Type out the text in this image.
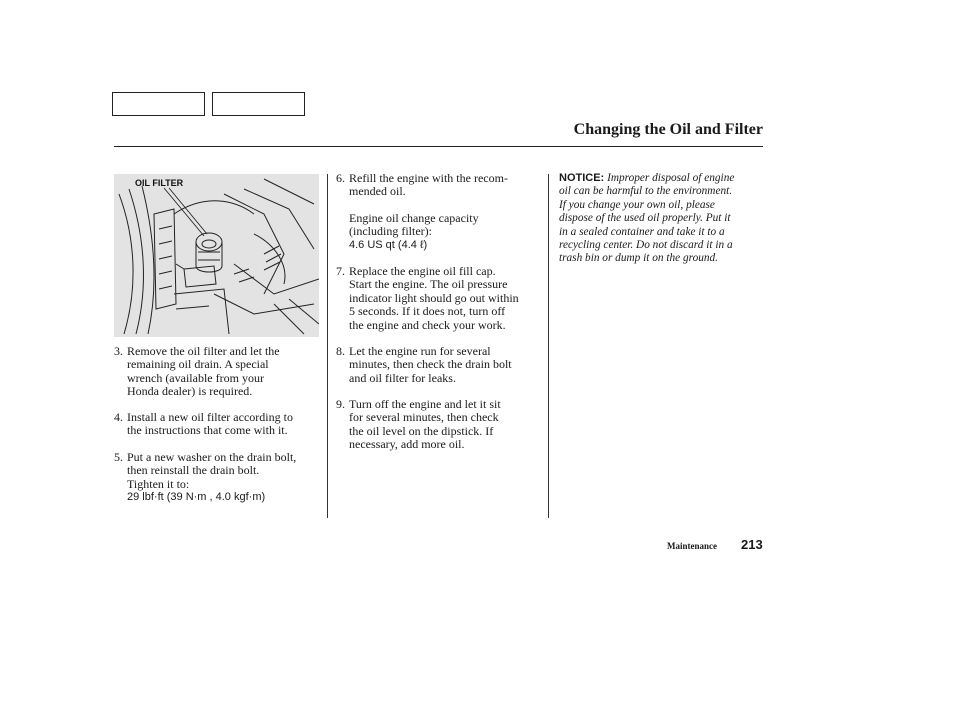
Changing the Oil and Filter
OIL FILTER
3. Remove the oil filter and let the
remaining oil drain. A special
wrench (available from your
Honda dealer) is required.
4. Install a new oil filter according to
the instructions that come with it.
5. Put a new washer on the drain bolt,
then reinstall the drain bolt.
Tighten it to:
29 lbf·ft (39 N·m , 4.0 kgf·m)
6. Refill the engine with the recom-
mended oil.
Engine oil change capacity
(including filter):
4.6 US qt (4.4 ℓ)
7. Replace the engine oil fill cap.
Start the engine. The oil pressure
indicator light should go out within
5 seconds. If it does not, turn off
the engine and check your work.
8. Let the engine run for several
minutes, then check the drain bolt
and oil filter for leaks.
9. Turn off the engine and let it sit
for several minutes, then check
the oil level on the dipstick. If
necessary, add more oil.
NOTICE: Improper disposal of engine
oil can be harmful to the environment.
If you change your own oil, please
dispose of the used oil properly. Put it
in a sealed container and take it to a
recycling center. Do not discard it in a
trash bin or dump it on the ground.
Maintenance 213
